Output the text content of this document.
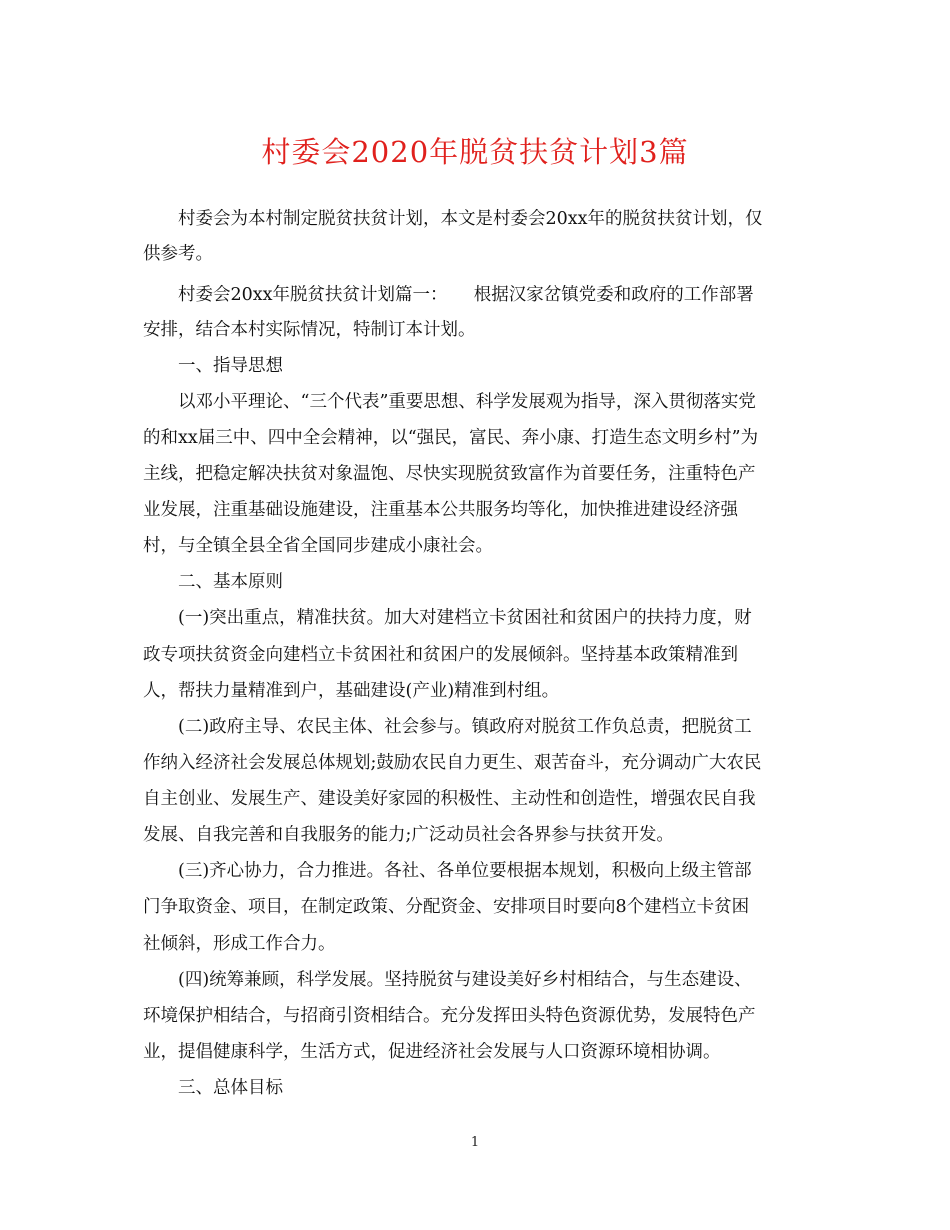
村委会2020年脱贫扶贫计划3篇
村委会为本村制定脱贫扶贫计划，本文是村委会20xx年的脱贫扶贫计划，仅
供参考。
村委会20xx年脱贫扶贫计划篇一：　　根据汉家岔镇党委和政府的工作部署
安排，结合本村实际情况，特制订本计划。
一、指导思想
以邓小平理论、“三个代表”重要思想、科学发展观为指导，深入贯彻落实党
的和xx届三中、四中全会精神，以“强民，富民、奔小康、打造生态文明乡村”为
主线，把稳定解决扶贫对象温饱、尽快实现脱贫致富作为首要任务，注重特色产
业发展，注重基础设施建设，注重基本公共服务均等化，加快推进建设经济强
村，与全镇全县全省全国同步建成小康社会。
二、基本原则
(一)突出重点，精准扶贫。加大对建档立卡贫困社和贫困户的扶持力度，财
政专项扶贫资金向建档立卡贫困社和贫困户的发展倾斜。坚持基本政策精准到
人，帮扶力量精准到户，基础建设(产业)精准到村组。
(二)政府主导、农民主体、社会参与。镇政府对脱贫工作负总责，把脱贫工
作纳入经济社会发展总体规划;鼓励农民自力更生、艰苦奋斗，充分调动广大农民
自主创业、发展生产、建设美好家园的积极性、主动性和创造性，增强农民自我
发展、自我完善和自我服务的能力;广泛动员社会各界参与扶贫开发。
(三)齐心协力，合力推进。各社、各单位要根据本规划，积极向上级主管部
门争取资金、项目，在制定政策、分配资金、安排项目时要向8个建档立卡贫困
社倾斜，形成工作合力。
(四)统筹兼顾，科学发展。坚持脱贫与建设美好乡村相结合，与生态建设、
环境保护相结合，与招商引资相结合。充分发挥田头特色资源优势，发展特色产
业，提倡健康科学，生活方式，促进经济社会发展与人口资源环境相协调。
三、总体目标
1
